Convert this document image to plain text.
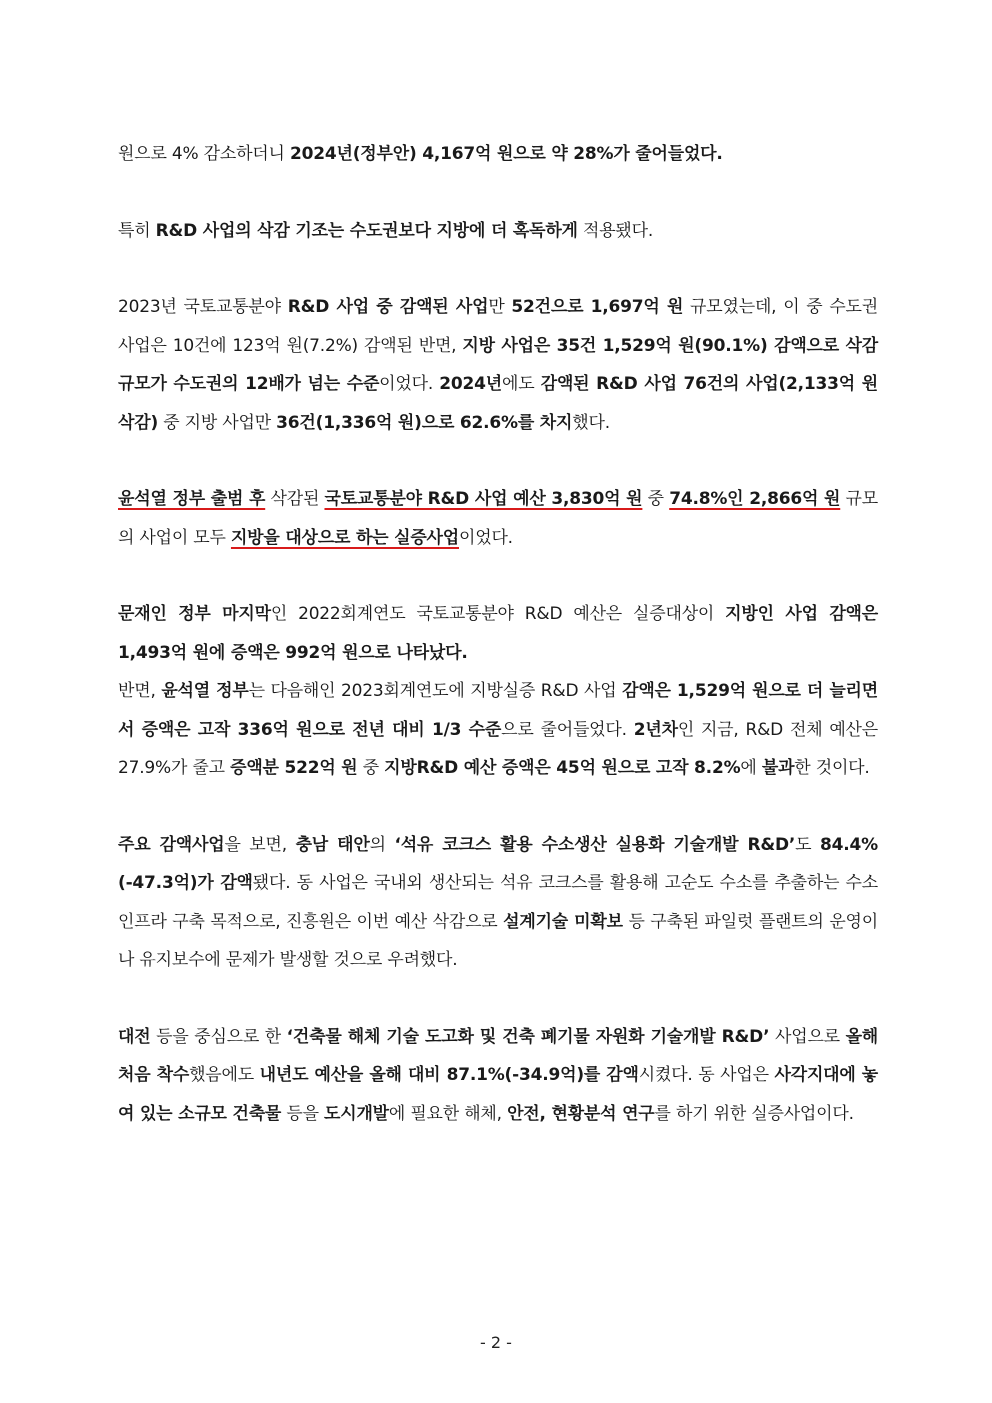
원으로 4% 감소하더니 2024년(정부안) 4,167억 원으로 약 28%가 줄어들었다.
특히 R&D 사업의 삭감 기조는 수도권보다 지방에 더 혹독하게 적용됐다.
2023년 국토교통분야 R&D 사업 중 감액된 사업만 52건으로 1,697억 원 규모였는데, 이 중 수도권 사업은 10건에 123억 원(7.2%) 감액된 반면, 지방 사업은 35건 1,529억 원(90.1%) 감액으로 삭감규모가 수도권의 12배가 넘는 수준이었다. 2024년에도 감액된 R&D 사업 76건의 사업(2,133억 원 삭감) 중 지방 사업만 36건(1,336억 원)으로 62.6%를 차지했다.
윤석열 정부 출범 후 삭감된 국토교통분야 R&D 사업 예산 3,830억 원 중 74.8%인 2,866억 원 규모의 사업이 모두 지방을 대상으로 하는 실증사업이었다.
문재인 정부 마지막인 2022회계연도 국토교통분야 R&D 예산은 실증대상이 지방인 사업 감액은 1,493억 원에 증액은 992억 원으로 나타났다.
반면, 윤석열 정부는 다음해인 2023회계연도에 지방실증 R&D 사업 감액은 1,529억 원으로 더 늘리면서 증액은 고작 336억 원으로 전년 대비 1/3 수준으로 줄어들었다. 2년차인 지금, R&D 전체 예산은 27.9%가 줄고 증액분 522억 원 중 지방R&D 예산 증액은 45억 원으로 고작 8.2%에 불과한 것이다.
주요 감액사업을 보면, 충남 태안의 ‘석유 코크스 활용 수소생산 실용화 기술개발 R&D’도 84.4%(-47.3억)가 감액됐다. 동 사업은 국내외 생산되는 석유 코크스를 활용해 고순도 수소를 추출하는 수소인프라 구축 목적으로, 진흥원은 이번 예산 삭감으로 설계기술 미확보 등 구축된 파일럿 플랜트의 운영이나 유지보수에 문제가 발생할 것으로 우려했다.
대전 등을 중심으로 한 ‘건축물 해체 기술 도고화 및 건축 폐기물 자원화 기술개발 R&D’ 사업으로 올해 처음 착수했음에도 내년도 예산을 올해 대비 87.1%(-34.9억)를 감액시켰다. 동 사업은 사각지대에 놓여 있는 소규모 건축물 등을 도시개발에 필요한 해체, 안전, 현황분석 연구를 하기 위한 실증사업이다.
- 2 -
